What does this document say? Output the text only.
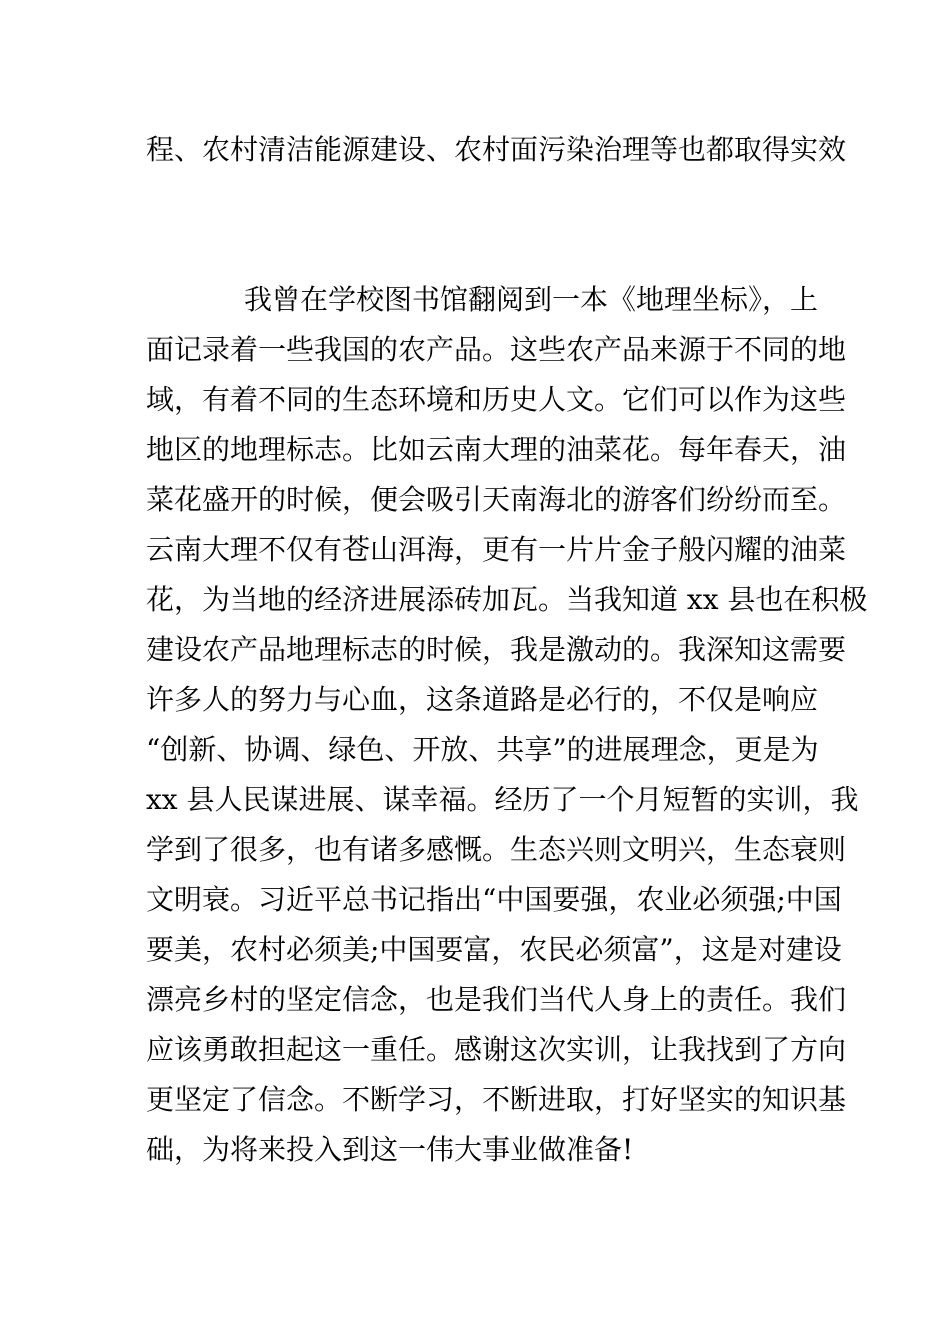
程、农村清洁能源建设、农村面污染治理等也都取得实效
我曾在学校图书馆翻阅到一本《地理坐标》，上
面记录着一些我国的农产品。这些农产品来源于不同的地
域，有着不同的生态环境和历史人文。它们可以作为这些
地区的地理标志。比如云南大理的油菜花。每年春天，油
菜花盛开的时候，便会吸引天南海北的游客们纷纷而至。
云南大理不仅有苍山洱海，更有一片片金子般闪耀的油菜
花，为当地的经济进展添砖加瓦。当我知道 xx 县也在积极
建设农产品地理标志的时候，我是激动的。我深知这需要
许多人的努力与心血，这条道路是必行的，不仅是响应
“创新、协调、绿色、开放、共享”的进展理念，更是为
xx 县人民谋进展、谋幸福。经历了一个月短暂的实训，我
学到了很多，也有诸多感慨。生态兴则文明兴，生态衰则
文明衰。习近平总书记指出“中国要强，农业必须强;中国
要美，农村必须美;中国要富，农民必须富”，这是对建设
漂亮乡村的坚定信念，也是我们当代人身上的责任。我们
应该勇敢担起这一重任。感谢这次实训，让我找到了方向
更坚定了信念。不断学习，不断进取，打好坚实的知识基
础，为将来投入到这一伟大事业做准备!
